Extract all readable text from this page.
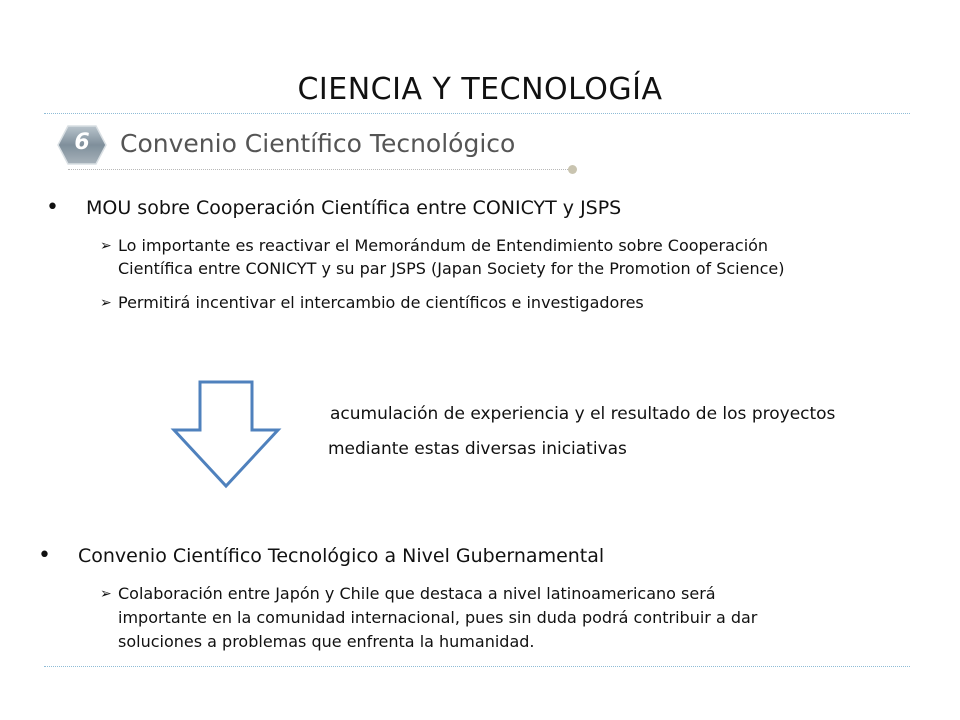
CIENCIA Y TECNOLOGÍA
6	Convenio Científico Tecnológico
• MOU sobre Cooperación Científica entre CONICYT y JSPS
➢ Lo importante es reactivar el Memorándum de Entendimiento sobre Cooperación
Científica entre CONICYT y su par JSPS (Japan Society for the Promotion of Science)
➢ Permitirá incentivar el intercambio de científicos e investigadores
acumulación de experiencia y el resultado de los proyectos
mediante estas diversas iniciativas
• Convenio Científico Tecnológico a Nivel Gubernamental
➢ Colaboración entre Japón y Chile que destaca a nivel latinoamericano será
importante en la comunidad internacional, pues sin duda podrá contribuir a dar
soluciones a problemas que enfrenta la humanidad.
